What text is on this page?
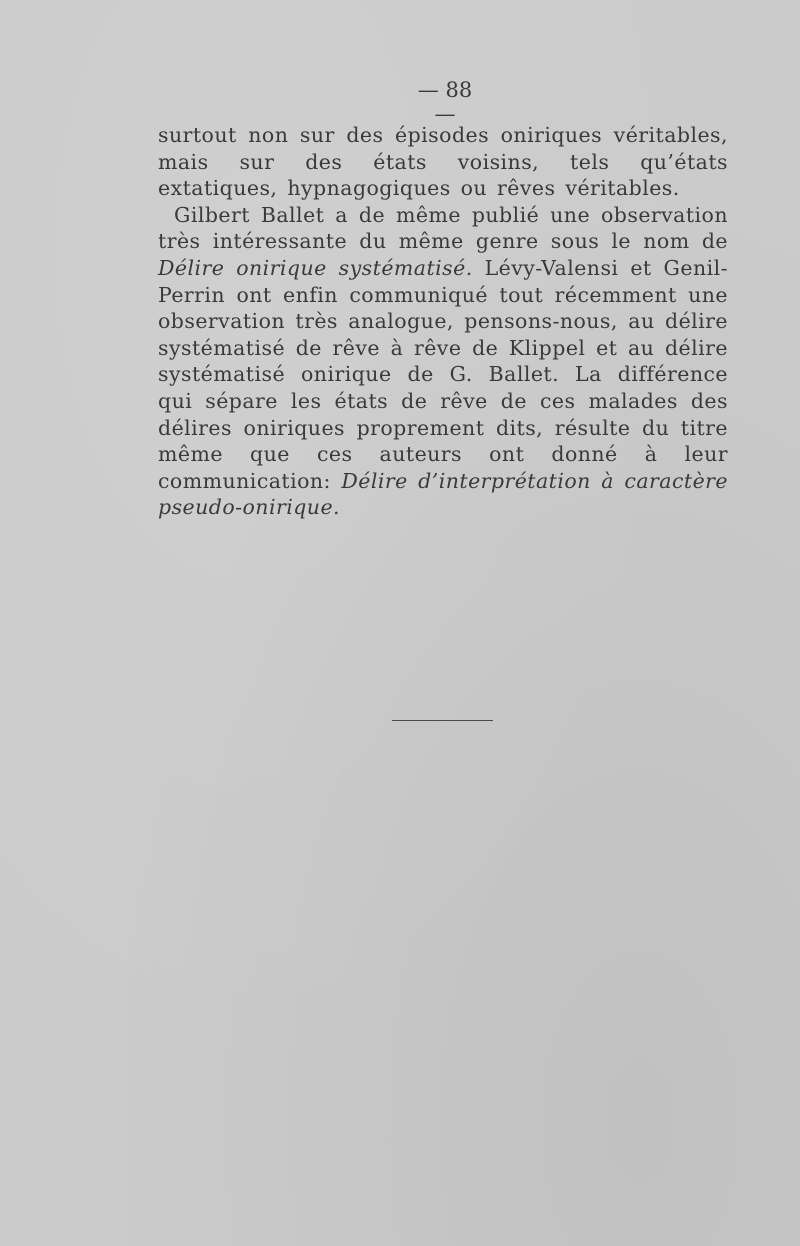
— 88 —

surtout non sur des épisodes oniriques véritables, mais sur des états voisins, tels qu’états extatiques, hypnagogiques ou rêves véritables.

Gilbert Ballet a de même publié une observation très intéressante du même genre sous le nom de Délire onirique systématisé. Lévy-Valensi et Genil-Perrin ont enfin communiqué tout récemment une observation très analogue, pensons-nous, au délire systématisé de rêve à rêve de Klippel et au délire systématisé onirique de G. Ballet. La différence qui sépare les états de rêve de ces malades des délires oniriques proprement dits, résulte du titre même que ces auteurs ont donné à leur communication: Délire d’interprétation à caractère pseudo-onirique.
